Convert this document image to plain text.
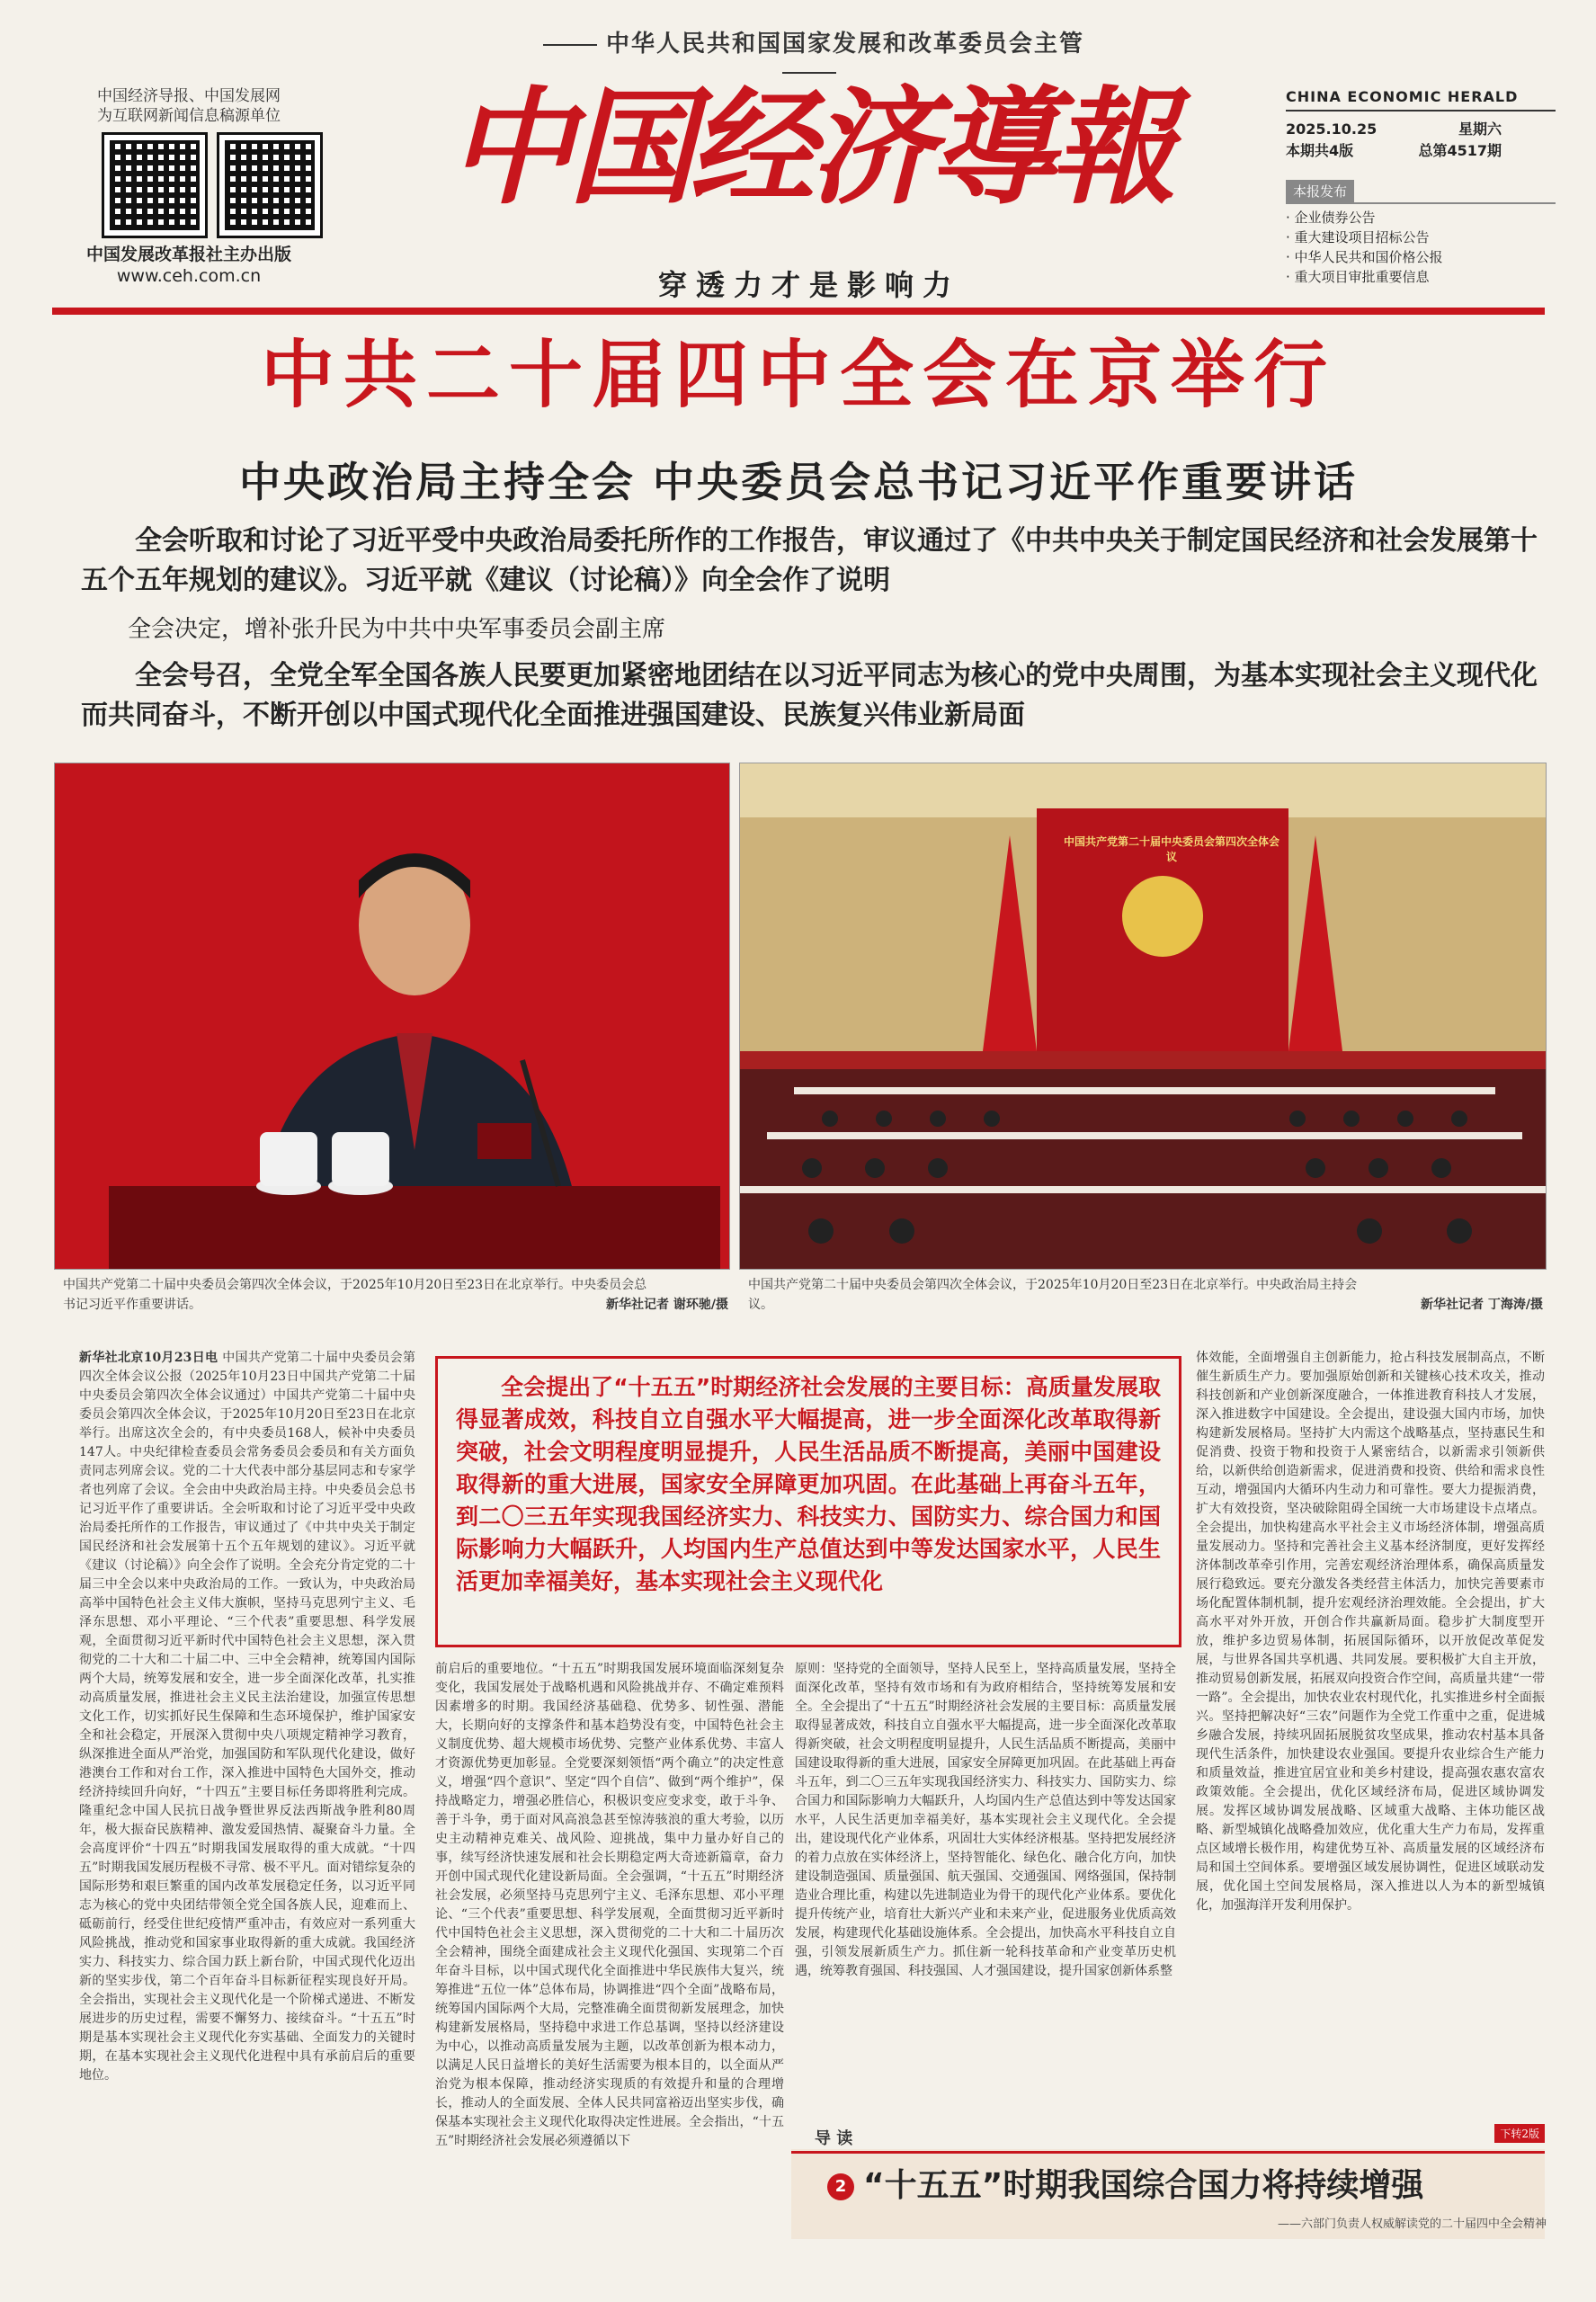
中华人民共和国国家发展和改革委员会主管
中国经济导报、中国发展网
为互联网新闻信息稿源单位
中国发展改革报社主办出版
www.ceh.com.cn
中国经济導報
穿透力才是影响力
CHINA ECONOMIC HERALD
2025.10.25	星期六
本期共4版	总第4517期
本报发布
· 企业债券公告
· 重大建设项目招标公告
· 中华人民共和国价格公报
· 重大项目审批重要信息
中共二十届四中全会在京举行
中央政治局主持全会 中央委员会总书记习近平作重要讲话
全会听取和讨论了习近平受中央政治局委托所作的工作报告，审议通过了《中共中央关于制定国民经济和社会发展第十五个五年规划的建议》。习近平就《建议（讨论稿）》向全会作了说明
全会决定，增补张升民为中共中央军事委员会副主席
全会号召，全党全军全国各族人民要更加紧密地团结在以习近平同志为核心的党中央周围，为基本实现社会主义现代化而共同奋斗，不断开创以中国式现代化全面推进强国建设、民族复兴伟业新局面
中国共产党第二十届中央委员会第四次全体会议，于2025年10月20日至23日在北京举行。中央委员会总书记习近平作重要讲话。	新华社记者 谢环驰/摄
中国共产党第二十届中央委员会第四次全体会议
中国共产党第二十届中央委员会第四次全体会议，于2025年10月20日至23日在北京举行。中央政治局主持会议。	新华社记者 丁海涛/摄
新华社北京10月23日电 中国共产党第二十届中央委员会第四次全体会议公报（2025年10月23日中国共产党第二十届中央委员会第四次全体会议通过）中国共产党第二十届中央委员会第四次全体会议，于2025年10月20日至23日在北京举行。出席这次全会的，有中央委员168人，候补中央委员147人。中央纪律检查委员会常务委员会委员和有关方面负责同志列席会议。党的二十大代表中部分基层同志和专家学者也列席了会议。全会由中央政治局主持。中央委员会总书记习近平作了重要讲话。全会听取和讨论了习近平受中央政治局委托所作的工作报告，审议通过了《中共中央关于制定国民经济和社会发展第十五个五年规划的建议》。习近平就《建议（讨论稿）》向全会作了说明。全会充分肯定党的二十届三中全会以来中央政治局的工作。一致认为，中央政治局高举中国特色社会主义伟大旗帜，坚持马克思列宁主义、毛泽东思想、邓小平理论、“三个代表”重要思想、科学发展观，全面贯彻习近平新时代中国特色社会主义思想，深入贯彻党的二十大和二十届二中、三中全会精神，统筹国内国际两个大局，统筹发展和安全，进一步全面深化改革，扎实推动高质量发展，推进社会主义民主法治建设，加强宣传思想文化工作，切实抓好民生保障和生态环境保护，维护国家安全和社会稳定，开展深入贯彻中央八项规定精神学习教育，纵深推进全面从严治党，加强国防和军队现代化建设，做好港澳台工作和对台工作，深入推进中国特色大国外交，推动经济持续回升向好，“十四五”主要目标任务即将胜利完成。隆重纪念中国人民抗日战争暨世界反法西斯战争胜利80周年，极大振奋民族精神、激发爱国热情、凝聚奋斗力量。全会高度评价“十四五”时期我国发展取得的重大成就。“十四五”时期我国发展历程极不寻常、极不平凡。面对错综复杂的国际形势和艰巨繁重的国内改革发展稳定任务，以习近平同志为核心的党中央团结带领全党全国各族人民，迎难而上、砥砺前行，经受住世纪疫情严重冲击，有效应对一系列重大风险挑战，推动党和国家事业取得新的重大成就。我国经济实力、科技实力、综合国力跃上新台阶，中国式现代化迈出新的坚实步伐，第二个百年奋斗目标新征程实现良好开局。全会指出，实现社会主义现代化是一个阶梯式递进、不断发展进步的历史过程，需要不懈努力、接续奋斗。“十五五”时期是基本实现社会主义现代化夯实基础、全面发力的关键时期，在基本实现社会主义现代化进程中具有承前启后的重要地位。
全会提出了“十五五”时期经济社会发展的主要目标：高质量发展取得显著成效，科技自立自强水平大幅提高，进一步全面深化改革取得新突破，社会文明程度明显提升，人民生活品质不断提高，美丽中国建设取得新的重大进展，国家安全屏障更加巩固。在此基础上再奋斗五年，到二〇三五年实现我国经济实力、科技实力、国防实力、综合国力和国际影响力大幅跃升，人均国内生产总值达到中等发达国家水平，人民生活更加幸福美好，基本实现社会主义现代化
前启后的重要地位。“十五五”时期我国发展环境面临深刻复杂变化，我国发展处于战略机遇和风险挑战并存、不确定难预料因素增多的时期。我国经济基础稳、优势多、韧性强、潜能大，长期向好的支撑条件和基本趋势没有变，中国特色社会主义制度优势、超大规模市场优势、完整产业体系优势、丰富人才资源优势更加彰显。全党要深刻领悟“两个确立”的决定性意义，增强“四个意识”、坚定“四个自信”、做到“两个维护”，保持战略定力，增强必胜信心，积极识变应变求变，敢于斗争、善于斗争，勇于面对风高浪急甚至惊涛骇浪的重大考验，以历史主动精神克难关、战风险、迎挑战，集中力量办好自己的事，续写经济快速发展和社会长期稳定两大奇迹新篇章，奋力开创中国式现代化建设新局面。全会强调，“十五五”时期经济社会发展，必须坚持马克思列宁主义、毛泽东思想、邓小平理论、“三个代表”重要思想、科学发展观，全面贯彻习近平新时代中国特色社会主义思想，深入贯彻党的二十大和二十届历次全会精神，围绕全面建成社会主义现代化强国、实现第二个百年奋斗目标，以中国式现代化全面推进中华民族伟大复兴，统筹推进“五位一体”总体布局，协调推进“四个全面”战略布局，统筹国内国际两个大局，完整准确全面贯彻新发展理念，加快构建新发展格局，坚持稳中求进工作总基调，坚持以经济建设为中心，以推动高质量发展为主题，以改革创新为根本动力，以满足人民日益增长的美好生活需要为根本目的，以全面从严治党为根本保障，推动经济实现质的有效提升和量的合理增长，推动人的全面发展、全体人民共同富裕迈出坚实步伐，确保基本实现社会主义现代化取得决定性进展。全会指出，“十五五”时期经济社会发展必须遵循以下
原则：坚持党的全面领导，坚持人民至上，坚持高质量发展，坚持全面深化改革，坚持有效市场和有为政府相结合，坚持统筹发展和安全。全会提出了“十五五”时期经济社会发展的主要目标：高质量发展取得显著成效，科技自立自强水平大幅提高，进一步全面深化改革取得新突破，社会文明程度明显提升，人民生活品质不断提高，美丽中国建设取得新的重大进展，国家安全屏障更加巩固。在此基础上再奋斗五年，到二〇三五年实现我国经济实力、科技实力、国防实力、综合国力和国际影响力大幅跃升，人均国内生产总值达到中等发达国家水平，人民生活更加幸福美好，基本实现社会主义现代化。全会提出，建设现代化产业体系，巩固壮大实体经济根基。坚持把发展经济的着力点放在实体经济上，坚持智能化、绿色化、融合化方向，加快建设制造强国、质量强国、航天强国、交通强国、网络强国，保持制造业合理比重，构建以先进制造业为骨干的现代化产业体系。要优化提升传统产业，培育壮大新兴产业和未来产业，促进服务业优质高效发展，构建现代化基础设施体系。全会提出，加快高水平科技自立自强，引领发展新质生产力。抓住新一轮科技革命和产业变革历史机遇，统筹教育强国、科技强国、人才强国建设，提升国家创新体系整
体效能，全面增强自主创新能力，抢占科技发展制高点，不断催生新质生产力。要加强原始创新和关键核心技术攻关，推动科技创新和产业创新深度融合，一体推进教育科技人才发展，深入推进数字中国建设。全会提出，建设强大国内市场，加快构建新发展格局。坚持扩大内需这个战略基点，坚持惠民生和促消费、投资于物和投资于人紧密结合，以新需求引领新供给，以新供给创造新需求，促进消费和投资、供给和需求良性互动，增强国内大循环内生动力和可靠性。要大力提振消费，扩大有效投资，坚决破除阻碍全国统一大市场建设卡点堵点。全会提出，加快构建高水平社会主义市场经济体制，增强高质量发展动力。坚持和完善社会主义基本经济制度，更好发挥经济体制改革牵引作用，完善宏观经济治理体系，确保高质量发展行稳致远。要充分激发各类经营主体活力，加快完善要素市场化配置体制机制，提升宏观经济治理效能。全会提出，扩大高水平对外开放，开创合作共赢新局面。稳步扩大制度型开放，维护多边贸易体制，拓展国际循环，以开放促改革促发展，与世界各国共享机遇、共同发展。要积极扩大自主开放，推动贸易创新发展，拓展双向投资合作空间，高质量共建“一带一路”。全会提出，加快农业农村现代化，扎实推进乡村全面振兴。坚持把解决好“三农”问题作为全党工作重中之重，促进城乡融合发展，持续巩固拓展脱贫攻坚成果，推动农村基本具备现代生活条件，加快建设农业强国。要提升农业综合生产能力和质量效益，推进宜居宜业和美乡村建设，提高强农惠农富农政策效能。全会提出，优化区域经济布局，促进区域协调发展。发挥区域协调发展战略、区域重大战略、主体功能区战略、新型城镇化战略叠加效应，优化重大生产力布局，发挥重点区域增长极作用，构建优势互补、高质量发展的区域经济布局和国土空间体系。要增强区域发展协调性，促进区域联动发展，优化国土空间发展格局，深入推进以人为本的新型城镇化，加强海洋开发利用保护。
导 读	下转2版
2 “十五五”时期我国综合国力将持续增强
——六部门负责人权威解读党的二十届四中全会精神
